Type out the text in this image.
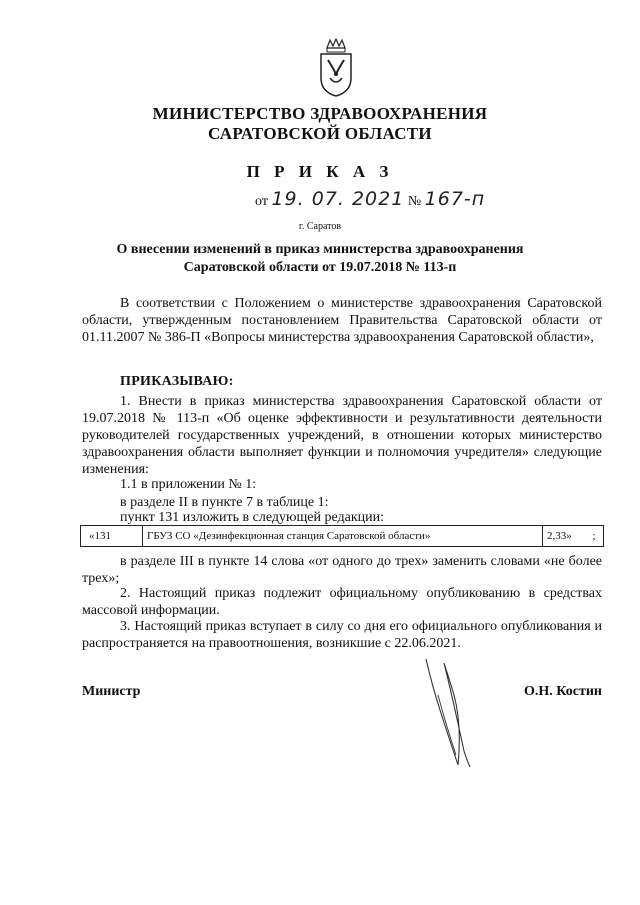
МИНИСТЕРСТВО ЗДРАВООХРАНЕНИЯ
САРАТОВСКОЙ ОБЛАСТИ
П Р И К А З
от 19. 07. 2021 № 167-п
г. Саратов
О внесении изменений в приказ министерства здравоохранения
Саратовской области от 19.07.2018 № 113-п
В соответствии с Положением о министерстве здравоохранения Саратовской области, утвержденным постановлением Правительства Саратовской области от 01.11.2007 № 386-П «Вопросы министерства здравоохранения Саратовской области»,
ПРИКАЗЫВАЮ:
1. Внести в приказ министерства здравоохранения Саратовской области от 19.07.2018 № 113-п «Об оценке эффективности и результативности деятельности руководителей государственных учреждений, в отношении которых министерство здравоохранения области выполняет функции и полномочия учредителя» следующие изменения:
1.1 в приложении № 1:
в разделе II в пункте 7 в таблице 1:
пункт 131 изложить в следующей редакции:
«131	ГБУЗ СО «Дезинфекционная станция Саратовской области»	2,33» ;
в разделе III в пункте 14 слова «от одного до трех» заменить словами «не более трех»;
2. Настоящий приказ подлежит официальному опубликованию в средствах массовой информации.
3. Настоящий приказ вступает в силу со дня его официального опубликования и распространяется на правоотношения, возникшие с 22.06.2021.
Министр	О.Н. Костин
